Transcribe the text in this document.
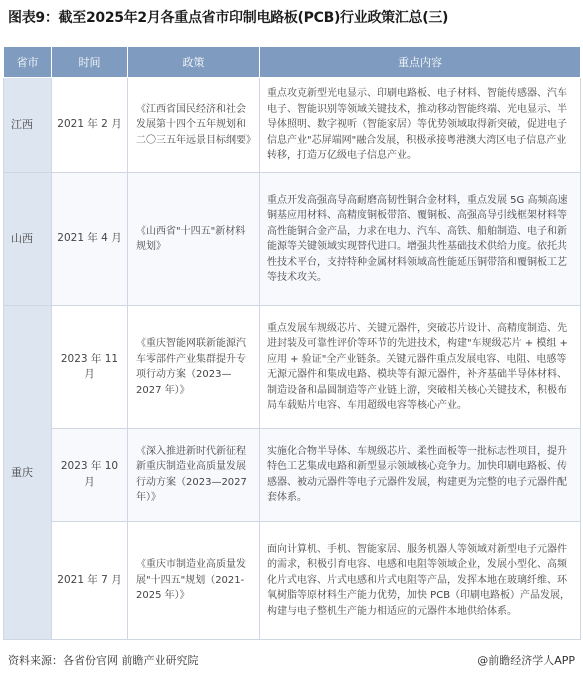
图表9：截至2025年2月各重点省市印制电路板(PCB)行业政策汇总(三)
省市	时间	政策	重点内容
江西	2021 年 2 月	《江西省国民经济和社会发展第十四个五年规划和二〇三五年远景目标纲要》	重点攻克新型光电显示、印刷电路板、电子材料、智能传感器、汽车电子、智能识别等领域关键技术，推动移动智能终端、光电显示、半导体照明、数字视听（智能家居）等优势领域取得新突破，促进电子信息产业"芯屏端网"融合发展，积极承接粤港澳大湾区电子信息产业转移，打造万亿级电子信息产业。
山西	2021 年 4 月	《山西省"十四五"新材料规划》	重点开发高强高导高耐磨高韧性铜合金材料，重点发展 5G 高频高速铜基应用材料、高精度铜板带箔、覆铜板、高强高导引线框架材料等高性能铜合金产品，力求在电力、汽车、高铁、船舶制造、电子和新能源等关键领域实现替代进口。增强共性基础技术供给力度。依托共性技术平台，支持特种金属材料领域高性能延压铜带箔和覆铜板工艺等技术攻关。
重庆	2023 年 11 月	《重庆智能网联新能源汽车零部件产业集群提升专项行动方案（2023—2027 年）》	重点发展车规级芯片、关键元器件，突破芯片设计、高精度制造、先进封装及可靠性评价等环节的先进技术，构建"车规级芯片 + 模组 + 应用 + 验证"全产业链条。关键元器件重点发展电容、电阻、电感等无源元器件和集成电路、模块等有源元器件，补齐基础半导体材料、制造设备和晶圆制造等产业链上游，突破相关核心关键技术，积极布局车载贴片电容、车用超级电容等核心产业。
	2023 年 10 月	《深入推进新时代新征程新重庆制造业高质量发展行动方案（2023—2027年）》	实施化合物半导体、车规级芯片、柔性面板等一批标志性项目，提升特色工艺集成电路和新型显示领域核心竞争力。加快印刷电路板、传感器、被动元器件等电子元器件发展，构建更为完整的电子元器件配套体系。
	2021 年 7 月	《重庆市制造业高质量发展"十四五"规划（2021-2025 年）》	面向计算机、手机、智能家居、服务机器人等领域对新型电子元器件的需求，积极引育电容、电感和电阻等领域企业，发展小型化、高频化片式电容、片式电感和片式电阻等产品，发挥本地在玻璃纤维、环氧树脂等原材料生产能力优势，加快 PCB（印刷电路板）产品发展，构建与电子整机生产能力相适应的元器件本地供给体系。
资料来源：各省份官网 前瞻产业研究院	@前瞻经济学人APP
